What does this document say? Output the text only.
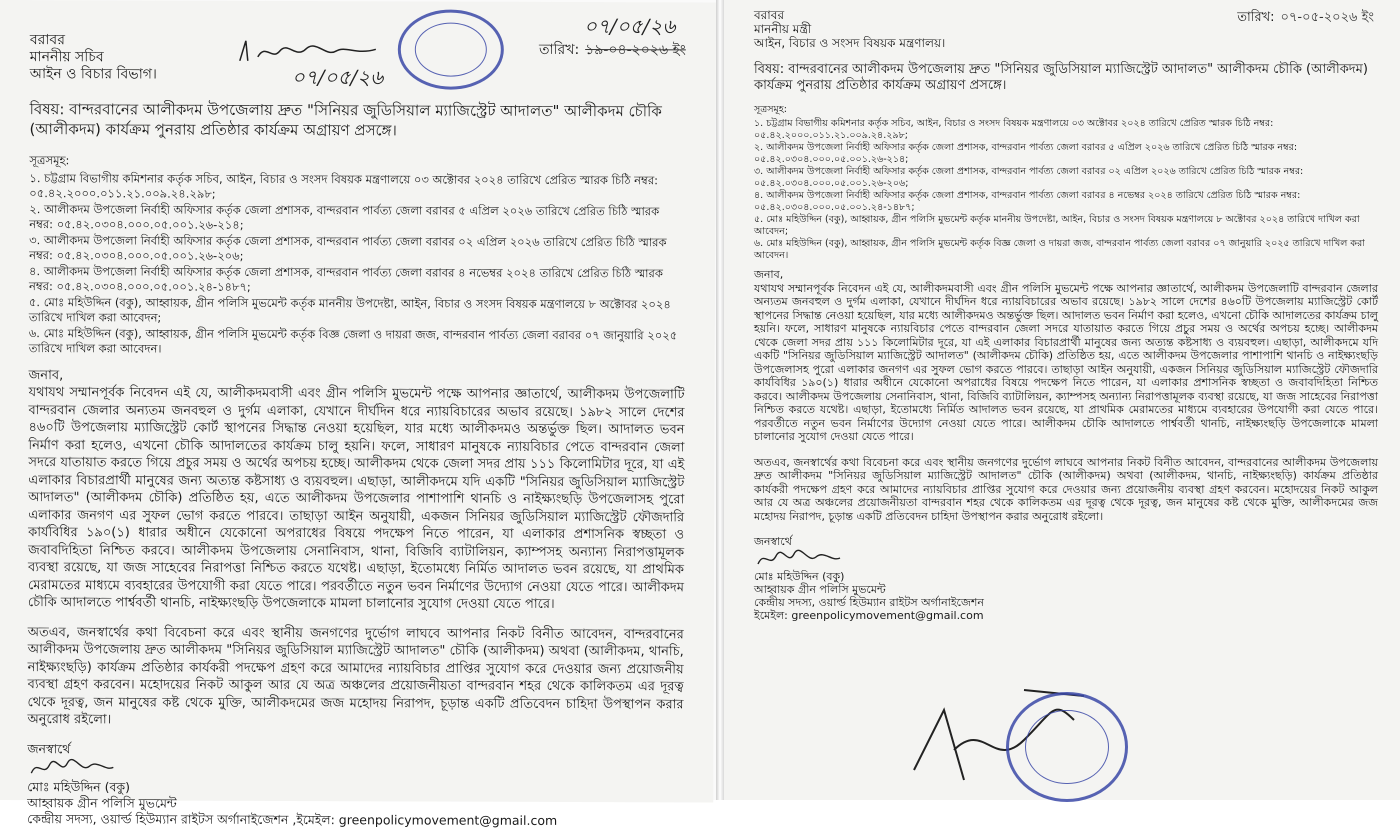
তারিখ: ১৯-০৪-২০২৬ ইং
বরাবর
মাননীয় সচিব
আইন ও বিচার বিভাগ।
বিষয়: বান্দরবানের আলীকদম উপজেলায় দ্রুত "সিনিয়র জুডিসিয়াল ম্যাজিস্ট্রেট আদালত" আলীকদম চৌকি (আলীকদম) কার্যক্রম পুনরায় প্রতিষ্ঠার কার্যক্রম অগ্রায়ণ প্রসঙ্গে।
সূত্রসমূহ:
১. চট্টগ্রাম বিভাগীয় কমিশনার কর্তৃক সচিব, আইন, বিচার ও সংসদ বিষয়ক মন্ত্রণালয়ে ০৩ অক্টোবর ২০২৪ তারিখে প্রেরিত স্মারক চিঠি নম্বর: ০৫.৪২.২০০০.০১১.২১.০০৯.২৪.২৯৮;
২. আলীকদম উপজেলা নির্বাহী অফিসার কর্তৃক জেলা প্রশাসক, বান্দরবান পার্বত্য জেলা বরাবর ৫ এপ্রিল ২০২৬ তারিখে প্রেরিত চিঠি স্মারক নম্বর: ০৫.৪২.০৩০৪.০০০.০৫.০০১.২৬-২১৪;
৩. আলীকদম উপজেলা নির্বাহী অফিসার কর্তৃক জেলা প্রশাসক, বান্দরবান পার্বত্য জেলা বরাবর ০২ এপ্রিল ২০২৬ তারিখে প্রেরিত চিঠি স্মারক নম্বর: ০৫.৪২.০৩০৪.০০০.০৫.০০১.২৬-২০৬;
৪. আলীকদম উপজেলা নির্বাহী অফিসার কর্তৃক জেলা প্রশাসক, বান্দরবান পার্বত্য জেলা বরাবর ৪ নভেম্বর ২০২৪ তারিখে প্রেরিত চিঠি স্মারক নম্বর: ০৫.৪২.০৩০৪.০০০.০৫.০০১.২৪-১৪৮৭;
৫. মোঃ মহিউদ্দিন (বকু), আহ্বায়ক, গ্রীন পলিসি মুভমেন্ট কর্তৃক মাননীয় উপদেষ্টা, আইন, বিচার ও সংসদ বিষয়ক মন্ত্রণালয়ে ৮ অক্টোবর ২০২৪ তারিখে দাখিল করা আবেদন;
৬. মোঃ মহিউদ্দিন (বকু), আহ্বায়ক, গ্রীন পলিসি মুভমেন্ট কর্তৃক বিজ্ঞ জেলা ও দায়রা জজ, বান্দরবান পার্বত্য জেলা বরাবর ০৭ জানুয়ারি ২০২৫ তারিখে দাখিল করা আবেদন।
জনাব,
যথাযথ সম্মানপূর্বক নিবেদন এই যে, আলীকদমবাসী এবং গ্রীন পলিসি মুভমেন্ট পক্ষে আপনার জ্ঞাতার্থে, আলীকদম উপজেলাটি বান্দরবান জেলার অন্যতম জনবহুল ও দুর্গম এলাকা, যেখানে দীর্ঘদিন ধরে ন্যায়বিচারের অভাব রয়েছে। ১৯৮২ সালে দেশের ৪৬০টি উপজেলায় ম্যাজিস্ট্রেট কোর্ট স্থাপনের সিদ্ধান্ত নেওয়া হয়েছিল, যার মধ্যে আলীকদমও অন্তর্ভুক্ত ছিল। আদালত ভবন নির্মাণ করা হলেও, এখনো চৌকি আদালতের কার্যক্রম চালু হয়নি। ফলে, সাধারণ মানুষকে ন্যায়বিচার পেতে বান্দরবান জেলা সদরে যাতায়াত করতে গিয়ে প্রচুর সময় ও অর্থের অপচয় হচ্ছে। আলীকদম থেকে জেলা সদর প্রায় ১১১ কিলোমিটার দূরে, যা এই এলাকার বিচারপ্রার্থী মানুষের জন্য অত্যন্ত কষ্টসাধ্য ও ব্যয়বহুল। এছাড়া, আলীকদমে যদি একটি "সিনিয়র জুডিসিয়াল ম্যাজিস্ট্রেট আদালত" (আলীকদম চৌকি) প্রতিষ্ঠিত হয়, এতে আলীকদম উপজেলার পাশাপাশি থানচি ও নাইক্ষ্যংছড়ি উপজেলাসহ পুরো এলাকার জনগণ এর সুফল ভোগ করতে পারবে। তাছাড়া আইন অনুযায়ী, একজন সিনিয়র জুডিসিয়াল ম্যাজিস্ট্রেট ফৌজদারি কার্যবিধির ১৯০(১) ধারার অধীনে যেকোনো অপরাধের বিষয়ে পদক্ষেপ নিতে পারেন, যা এলাকার প্রশাসনিক স্বচ্ছতা ও জবাবদিহিতা নিশ্চিত করবে। আলীকদম উপজেলায় সেনানিবাস, থানা, বিজিবি ব্যাটালিয়ন, ক্যাম্পসহ অন্যান্য নিরাপত্তামূলক ব্যবস্থা রয়েছে, যা জজ সাহেবের নিরাপত্তা নিশ্চিত করতে যথেষ্ট। এছাড়া, ইতোমধ্যে নির্মিত আদালত ভবন রয়েছে, যা প্রাথমিক মেরামতের মাধ্যমে ব্যবহারের উপযোগী করা যেতে পারে। পরবর্তীতে নতুন ভবন নির্মাণের উদ্যোগ নেওয়া যেতে পারে। আলীকদম চৌকি আদালতে পার্শ্ববর্তী থানচি, নাইক্ষ্যংছড়ি উপজেলাকে মামলা চালানোর সুযোগ দেওয়া যেতে পারে।
অতএব, জনস্বার্থের কথা বিবেচনা করে এবং স্থানীয় জনগণের দুর্ভোগ লাঘবে আপনার নিকট বিনীত আবেদন, বান্দরবানের আলীকদম উপজেলায় দ্রুত আলীকদম "সিনিয়র জুডিসিয়াল ম্যাজিস্ট্রেট আদালত" চৌকি (আলীকদম) অথবা (আলীকদম, থানচি, নাইক্ষ্যংছড়ি) কার্যক্রম প্রতিষ্ঠার কার্যকরী পদক্ষেপ গ্রহণ করে আমাদের ন্যায়বিচার প্রাপ্তির সুযোগ করে দেওয়ার জন্য প্রয়োজনীয় ব্যবস্থা গ্রহণ করবেন। মহোদয়ের নিকট আকুল আর যে অত্র অঞ্চলের প্রয়োজনীয়তা বান্দরবান শহর থেকে কালিকতম এর দূরত্ব থেকে দূরত্ব, জন মানুষের কষ্ট থেকে মুক্তি, আলীকদমের জজ মহোদয় নিরাপদ, চূড়ান্ত একটি প্রতিবেদন চাহিদা উপস্থাপন করার অনুরোধ রইলো।
জনস্বার্থে
মোঃ মহিউদ্দিন (বকু)
আহ্বায়ক গ্রীন পলিসি মুভমেন্ট
কেন্দ্রীয় সদস্য, ওয়ার্ল্ড হিউম্যান রাইটস অর্গানাইজেশন ,ইমেইল: greenpolicymovement@gmail.com
০৭/০৫/২৬
০৭/০৫/২৬
তারিখ: ০৭-০৫-২০২৬ ইং
বরাবর
মাননীয় মন্ত্রী
আইন, বিচার ও সংসদ বিষয়ক মন্ত্রণালয়।
বিষয়: বান্দরবানের আলীকদম উপজেলায় দ্রুত "সিনিয়র জুডিসিয়াল ম্যাজিস্ট্রেট আদালত" আলীকদম চৌকি (আলীকদম) কার্যক্রম পুনরায় প্রতিষ্ঠার কার্যক্রম অগ্রায়ণ প্রসঙ্গে।
সূত্রসমূহ:
১. চট্টগ্রাম বিভাগীয় কমিশনার কর্তৃক সচিব, আইন, বিচার ও সংসদ বিষয়ক মন্ত্রণালয়ে ০৩ অক্টোবর ২০২৪ তারিখে প্রেরিত স্মারক চিঠি নম্বর: ০৫.৪২.২০০০.০১১.২১.০০৯.২৪.২৯৮;
২. আলীকদম উপজেলা নির্বাহী অফিসার কর্তৃক জেলা প্রশাসক, বান্দরবান পার্বত্য জেলা বরাবর ৫ এপ্রিল ২০২৬ তারিখে প্রেরিত চিঠি স্মারক নম্বর: ০৫.৪২.০৩০৪.০০০.০৫.০০১.২৬-২১৪;
৩. আলীকদম উপজেলা নির্বাহী অফিসার কর্তৃক জেলা প্রশাসক, বান্দরবান পার্বত্য জেলা বরাবর ০২ এপ্রিল ২০২৬ তারিখে প্রেরিত চিঠি স্মারক নম্বর: ০৫.৪২.০৩০৪.০০০.০৫.০০১.২৬-২০৬;
৪. আলীকদম উপজেলা নির্বাহী অফিসার কর্তৃক জেলা প্রশাসক, বান্দরবান পার্বত্য জেলা বরাবর ৪ নভেম্বর ২০২৪ তারিখে প্রেরিত চিঠি স্মারক নম্বর: ০৫.৪২.০৩০৪.০০০.০৫.০০১.২৪-১৪৮৭;
৫. মোঃ মহিউদ্দিন (বকু), আহ্বায়ক, গ্রীন পলিসি মুভমেন্ট কর্তৃক মাননীয় উপদেষ্টা, আইন, বিচার ও সংসদ বিষয়ক মন্ত্রণালয়ে ৮ অক্টোবর ২০২৪ তারিখে দাখিল করা আবেদন;
৬. মোঃ মহিউদ্দিন (বকু), আহ্বায়ক, গ্রীন পলিসি মুভমেন্ট কর্তৃক বিজ্ঞ জেলা ও দায়রা জজ, বান্দরবান পার্বত্য জেলা বরাবর ০৭ জানুয়ারি ২০২৫ তারিখে দাখিল করা আবেদন।
জনাব,
যথাযথ সম্মানপূর্বক নিবেদন এই যে, আলীকদমবাসী এবং গ্রীন পলিসি মুভমেন্ট পক্ষে আপনার জ্ঞাতার্থে, আলীকদম উপজেলাটি বান্দরবান জেলার অন্যতম জনবহুল ও দুর্গম এলাকা, যেখানে দীর্ঘদিন ধরে ন্যায়বিচারের অভাব রয়েছে। ১৯৮২ সালে দেশের ৪৬০টি উপজেলায় ম্যাজিস্ট্রেট কোর্ট স্থাপনের সিদ্ধান্ত নেওয়া হয়েছিল, যার মধ্যে আলীকদমও অন্তর্ভুক্ত ছিল। আদালত ভবন নির্মাণ করা হলেও, এখনো চৌকি আদালতের কার্যক্রম চালু হয়নি। ফলে, সাধারণ মানুষকে ন্যায়বিচার পেতে বান্দরবান জেলা সদরে যাতায়াত করতে গিয়ে প্রচুর সময় ও অর্থের অপচয় হচ্ছে। আলীকদম থেকে জেলা সদর প্রায় ১১১ কিলোমিটার দূরে, যা এই এলাকার বিচারপ্রার্থী মানুষের জন্য অত্যন্ত কষ্টসাধ্য ও ব্যয়বহুল। এছাড়া, আলীকদমে যদি একটি "সিনিয়র জুডিসিয়াল ম্যাজিস্ট্রেট আদালত" (আলীকদম চৌকি) প্রতিষ্ঠিত হয়, এতে আলীকদম উপজেলার পাশাপাশি থানচি ও নাইক্ষ্যংছড়ি উপজেলাসহ পুরো এলাকার জনগণ এর সুফল ভোগ করতে পারবে। তাছাড়া আইন অনুযায়ী, একজন সিনিয়র জুডিসিয়াল ম্যাজিস্ট্রেট ফৌজদারি কার্যবিধির ১৯০(১) ধারার অধীনে যেকোনো অপরাধের বিষয়ে পদক্ষেপ নিতে পারেন, যা এলাকার প্রশাসনিক স্বচ্ছতা ও জবাবদিহিতা নিশ্চিত করবে। আলীকদম উপজেলায় সেনানিবাস, থানা, বিজিবি ব্যাটালিয়ন, ক্যাম্পসহ অন্যান্য নিরাপত্তামূলক ব্যবস্থা রয়েছে, যা জজ সাহেবের নিরাপত্তা নিশ্চিত করতে যথেষ্ট। এছাড়া, ইতোমধ্যে নির্মিত আদালত ভবন রয়েছে, যা প্রাথমিক মেরামতের মাধ্যমে ব্যবহারের উপযোগী করা যেতে পারে। পরবর্তীতে নতুন ভবন নির্মাণের উদ্যোগ নেওয়া যেতে পারে। আলীকদম চৌকি আদালতে পার্শ্ববর্তী থানচি, নাইক্ষ্যংছড়ি উপজেলাকে মামলা চালানোর সুযোগ দেওয়া যেতে পারে।
অতএব, জনস্বার্থের কথা বিবেচনা করে এবং স্থানীয় জনগণের দুর্ভোগ লাঘবে আপনার নিকট বিনীত আবেদন, বান্দরবানের আলীকদম উপজেলায় দ্রুত আলীকদম "সিনিয়র জুডিসিয়াল ম্যাজিস্ট্রেট আদালত" চৌকি (আলীকদম) অথবা (আলীকদম, থানচি, নাইক্ষ্যংছড়ি) কার্যক্রম প্রতিষ্ঠার কার্যকরী পদক্ষেপ গ্রহণ করে আমাদের ন্যায়বিচার প্রাপ্তির সুযোগ করে দেওয়ার জন্য প্রয়োজনীয় ব্যবস্থা গ্রহণ করবেন। মহোদয়ের নিকট আকুল আর যে অত্র অঞ্চলের প্রয়োজনীয়তা বান্দরবান শহর থেকে কালিকতম এর দূরত্ব থেকে দূরত্ব, জন মানুষের কষ্ট থেকে মুক্তি, আলীকদমের জজ মহোদয় নিরাপদ, চূড়ান্ত একটি প্রতিবেদন চাহিদা উপস্থাপন করার অনুরোধ রইলো।
জনস্বার্থে
মোঃ মহিউদ্দিন (বকু)
আহ্বায়ক গ্রীন পলিসি মুভমেন্ট
কেন্দ্রীয় সদস্য, ওয়ার্ল্ড হিউম্যান রাইটস অর্গানাইজেশন
ইমেইল: greenpolicymovement@gmail.com
